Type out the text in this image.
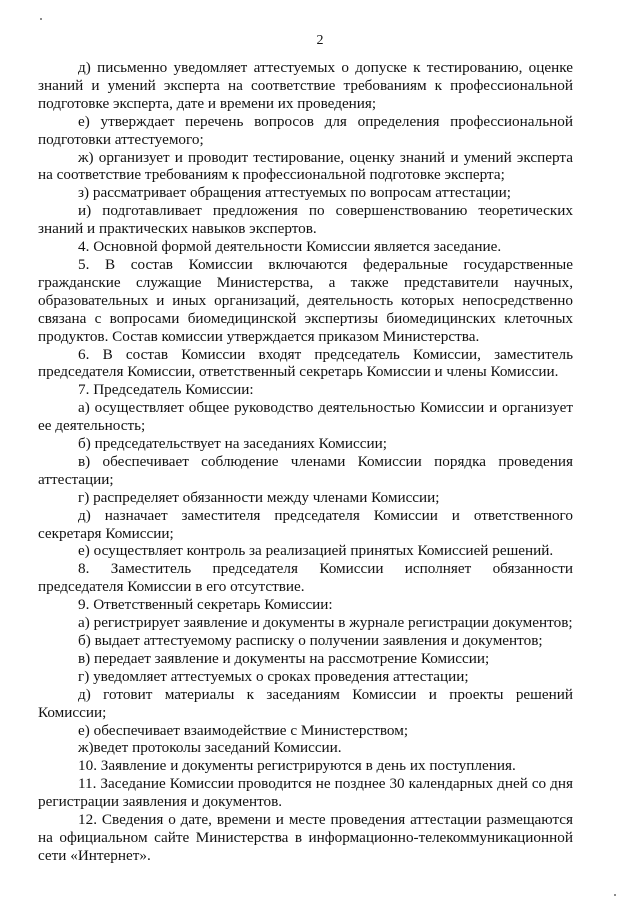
2

д) письменно уведомляет аттестуемых о допуске к тестированию, оценке знаний и умений эксперта на соответствие требованиям к профессиональной подготовке эксперта, дате и времени их проведения;

е) утверждает перечень вопросов для определения профессиональной подготовки аттестуемого;

ж) организует и проводит тестирование, оценку знаний и умений эксперта на соответствие требованиям к профессиональной подготовке эксперта;

з) рассматривает обращения аттестуемых по вопросам аттестации;

и) подготавливает предложения по совершенствованию теоретических знаний и практических навыков экспертов.

4. Основной формой деятельности Комиссии является заседание.

5. В состав Комиссии включаются федеральные государственные гражданские служащие Министерства, а также представители научных, образовательных и иных организаций, деятельность которых непосредственно связана с вопросами биомедицинской экспертизы биомедицинских клеточных продуктов. Состав комиссии утверждается приказом Министерства.

6. В состав Комиссии входят председатель Комиссии, заместитель председателя Комиссии, ответственный секретарь Комиссии и члены Комиссии.

7. Председатель Комиссии:

а) осуществляет общее руководство деятельностью Комиссии и организует ее деятельность;

б) председательствует на заседаниях Комиссии;

в) обеспечивает соблюдение членами Комиссии порядка проведения аттестации;

г) распределяет обязанности между членами Комиссии;

д) назначает заместителя председателя Комиссии и ответственного секретаря Комиссии;

е) осуществляет контроль за реализацией принятых Комиссией решений.

8. Заместитель председателя Комиссии исполняет обязанности председателя Комиссии в его отсутствие.

9. Ответственный секретарь Комиссии:

а) регистрирует заявление и документы в журнале регистрации документов;

б) выдает аттестуемому расписку о получении заявления и документов;

в) передает заявление и документы на рассмотрение Комиссии;

г) уведомляет аттестуемых о сроках проведения аттестации;

д) готовит материалы к заседаниям Комиссии и проекты решений Комиссии;

е) обеспечивает взаимодействие с Министерством;

ж)ведет протоколы заседаний Комиссии.

10. Заявление и документы регистрируются в день их поступления.

11. Заседание Комиссии проводится не позднее 30 календарных дней со дня регистрации заявления и документов.

12. Сведения о дате, времени и месте проведения аттестации размещаются на официальном сайте Министерства в информационно-телекоммуникационной сети «Интернет».
